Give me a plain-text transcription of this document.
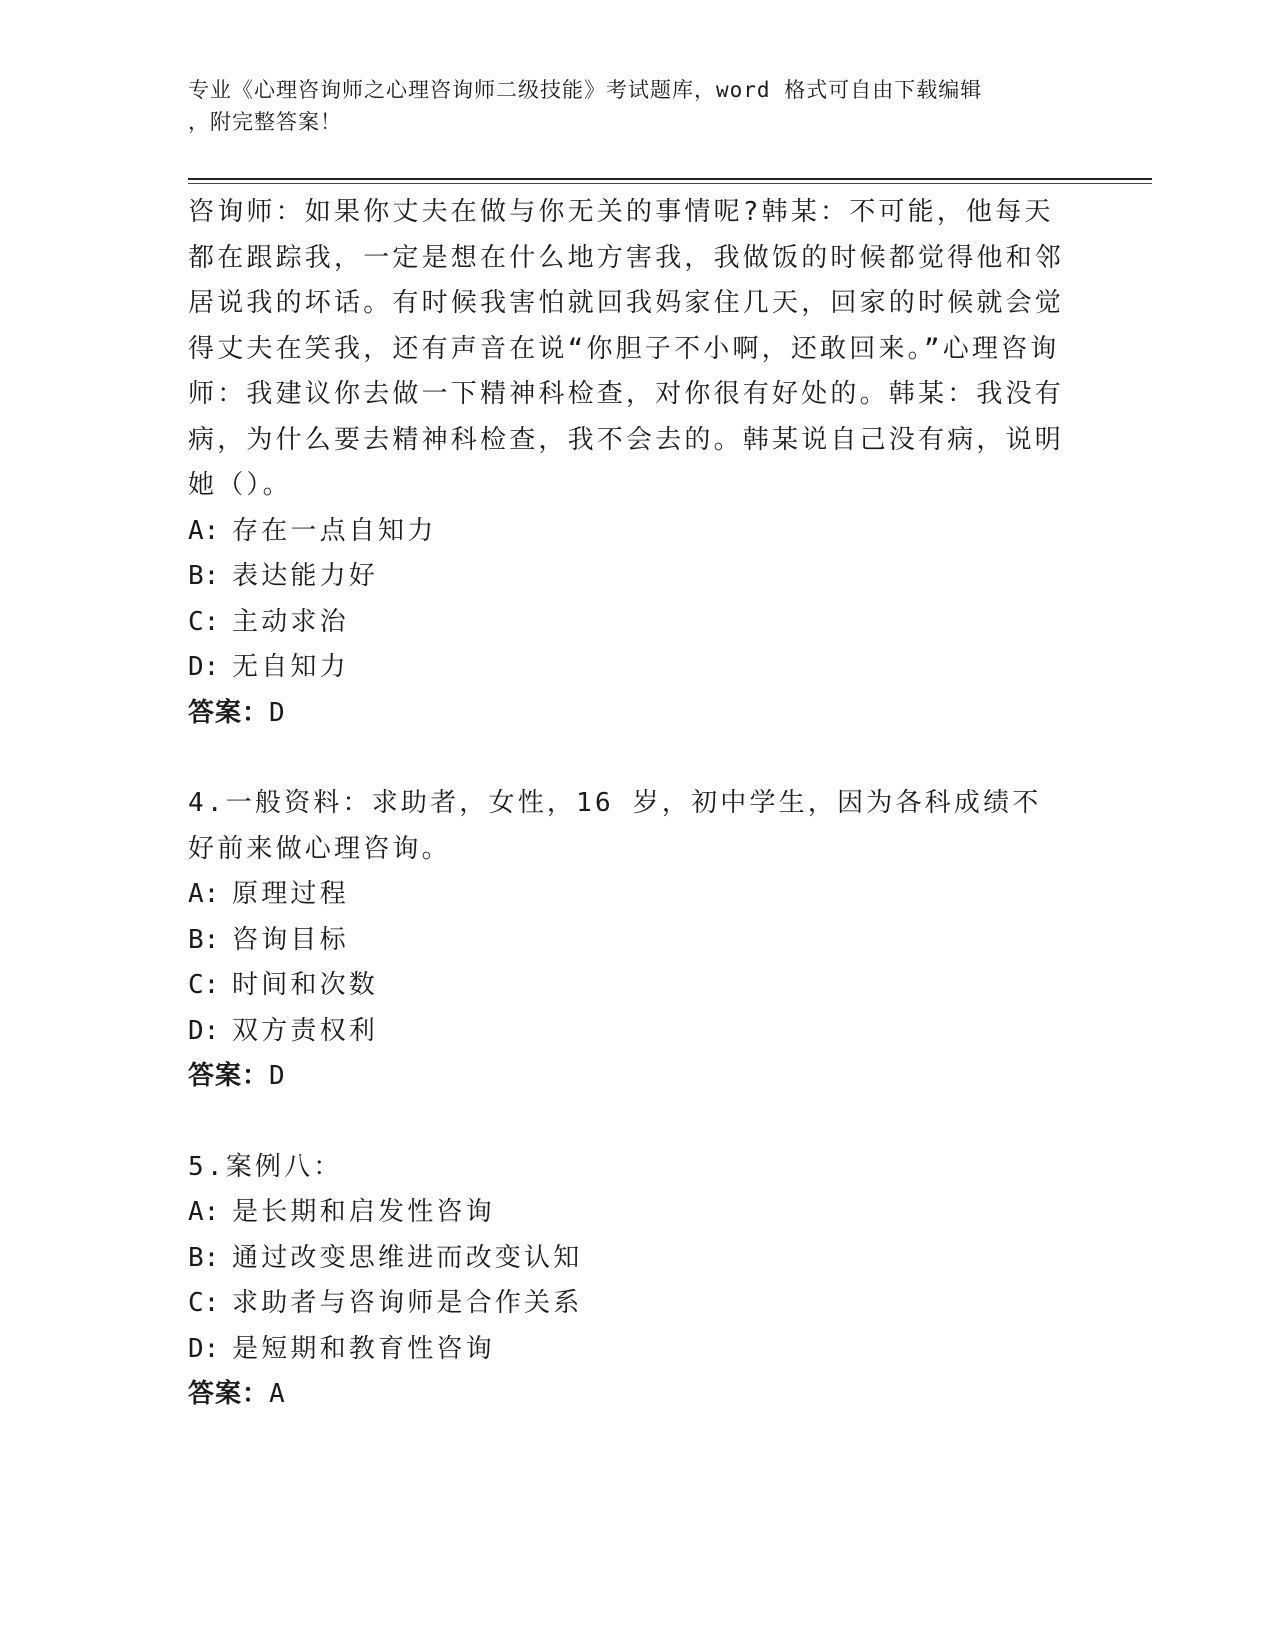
专业《心理咨询师之心理咨询师二级技能》考试题库，word 格式可自由下载编辑
，附完整答案！

咨询师：如果你丈夫在做与你无关的事情呢?韩某：不可能，他每天都在跟踪我，一定是想在什么地方害我，我做饭的时候都觉得他和邻居说我的坏话。有时候我害怕就回我妈家住几天，回家的时候就会觉得丈夫在笑我，还有声音在说“你胆子不小啊，还敢回来。”心理咨询师：我建议你去做一下精神科检查，对你很有好处的。韩某：我没有病，为什么要去精神科检查，我不会去的。韩某说自己没有病，说明她（）。

A: 存在一点自知力

B: 表达能力好

C: 主动求治

D: 无自知力

答案：D

4.一般资料：求助者，女性，16 岁，初中学生，因为各科成绩不好前来做心理咨询。

A: 原理过程

B: 咨询目标

C: 时间和次数

D: 双方责权利

答案：D

5.案例八：

A: 是长期和启发性咨询

B: 通过改变思维进而改变认知

C: 求助者与咨询师是合作关系

D: 是短期和教育性咨询

答案：A
